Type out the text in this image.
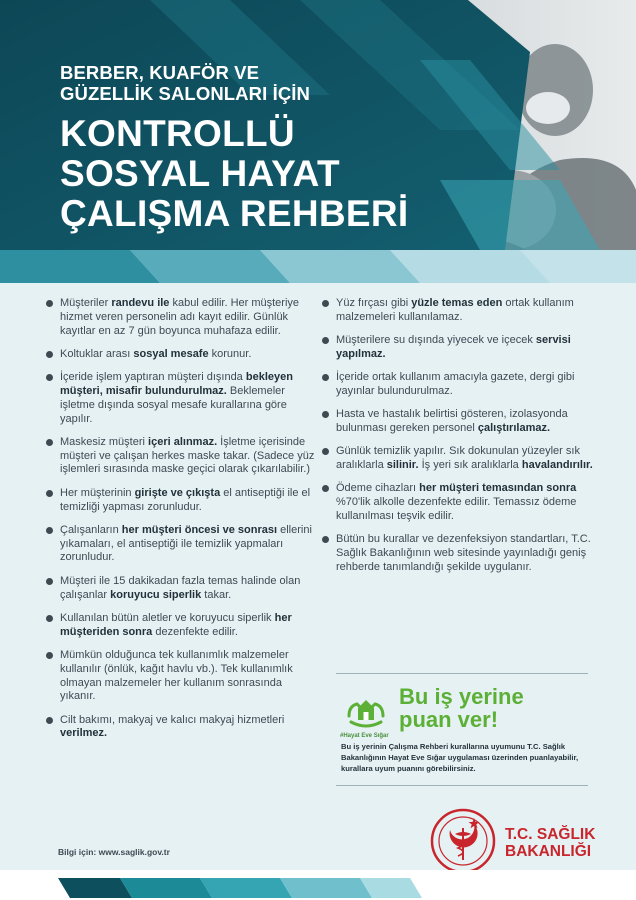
BERBER, KUAFÖR VE
GÜZELLİK SALONLARI İÇİN
KONTROLLÜ
SOSYAL HAYAT
ÇALIŞMA REHBERİ
Müşteriler randevu ile kabul edilir. Her müşteriye hizmet veren personelin adı kayıt edilir. Günlük kayıtlar en az 7 gün boyunca muhafaza edilir.
Koltuklar arası sosyal mesafe korunur.
İçeride işlem yaptıran müşteri dışında bekleyen müşteri, misafir bulundurulmaz. Beklemeler işletme dışında sosyal mesafe kurallarına göre yapılır.
Maskesiz müşteri içeri alınmaz. İşletme içerisinde müşteri ve çalışan herkes maske takar. (Sadece yüz işlemleri sırasında maske geçici olarak çıkarılabilir.)
Her müşterinin girişte ve çıkışta el antiseptiği ile el temizliği yapması zorunludur.
Çalışanların her müşteri öncesi ve sonrası ellerini yıkamaları, el antiseptiği ile temizlik yapmaları zorunludur.
Müşteri ile 15 dakikadan fazla temas halinde olan çalışanlar koruyucu siperlik takar.
Kullanılan bütün aletler ve koruyucu siperlik her müşteriden sonra dezenfekte edilir.
Mümkün olduğunca tek kullanımlık malzemeler kullanılır (önlük, kağıt havlu vb.). Tek kullanımlık olmayan malzemeler her kullanım sonrasında yıkanır.
Cilt bakımı, makyaj ve kalıcı makyaj hizmetleri verilmez.
Yüz fırçası gibi yüzle temas eden ortak kullanım malzemeleri kullanılamaz.
Müşterilere su dışında yiyecek ve içecek servisi yapılmaz.
İçeride ortak kullanım amacıyla gazete, dergi gibi yayınlar bulundurulmaz.
Hasta ve hastalık belirtisi gösteren, izolasyonda bulunması gereken personel çalıştırılamaz.
Günlük temizlik yapılır. Sık dokunulan yüzeyler sık aralıklarla silinir. İş yeri sık aralıklarla havalandırılır.
Ödeme cihazları her müşteri temasından sonra %70'lik alkolle dezenfekte edilir. Temassız ödeme kullanılması teşvik edilir.
Bütün bu kurallar ve dezenfeksiyon standartları, T.C. Sağlık Bakanlığının web sitesinde yayınladığı geniş rehberde tanımlandığı şekilde uygulanır.
#Hayat Eve Sığar
Bu iş yerine
puan ver!
Bu iş yerinin Çalışma Rehberi kurallarına uyumunu T.C. Sağlık Bakanlığının Hayat Eve Sığar uygulaması üzerinden puanlayabilir, kurallara uyum puanını görebilirsiniz.
Bilgi için: www.saglik.gov.tr
T.C. SAĞLIK
BAKANLIĞI
